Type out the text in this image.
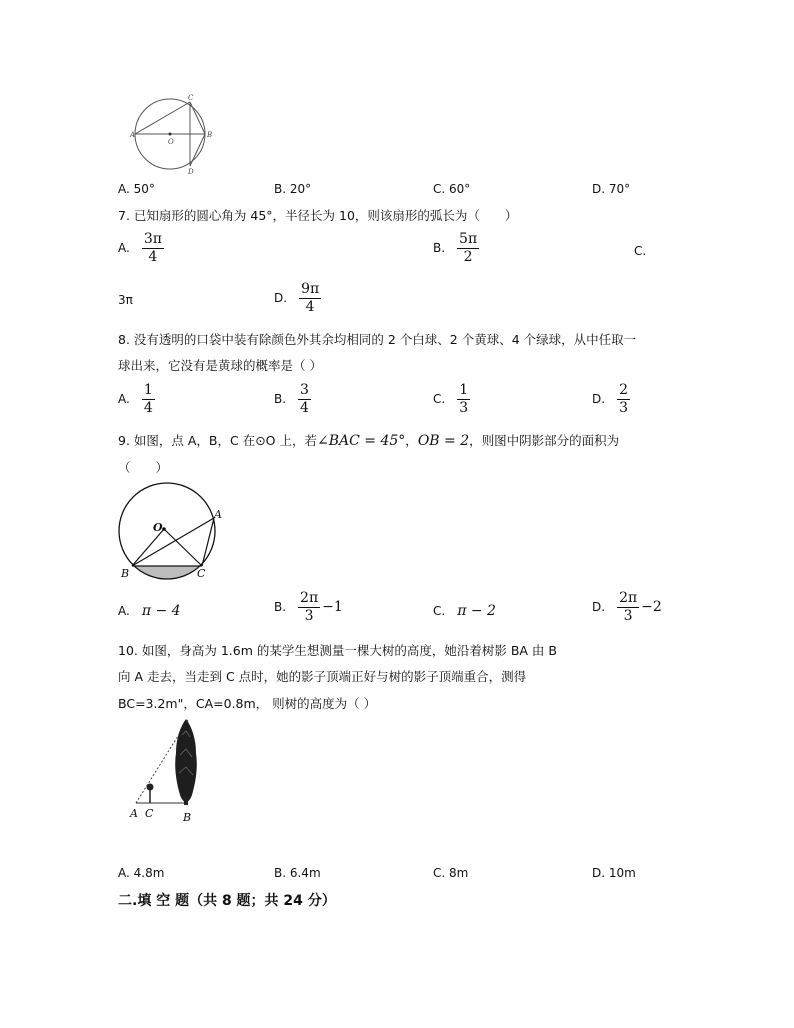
A	B
C
D
O
A. 50°	B. 20°	C. 60°	D. 70°
7. 已知扇形的圆心角为 45°，半径长为 10，则该扇形的弧长为（　　）
A. $\frac{3\pi}{4}$	B. $\frac{5\pi}{2}$	C.
3π	D. $\frac{9\pi}{4}$
8. 没有透明的口袋中装有除颜色外其余均相同的 2 个白球、2 个黄球、4 个绿球，从中任取一
球出来，它没有是黄球的概率是（ ）
A. $\frac{1}{4}$	B. $\frac{3}{4}$	C. $\frac{1}{3}$	D. $\frac{2}{3}$
9. 如图，点 A，B，C 在⊙O 上，若∠BAC = 45°，OB = 2，则图中阴影部分的面积为
（　　）
O
A
B	C
A. π − 4	B. $\frac{2\pi}{3} -1$	C. π − 2	D. $\frac{2\pi}{3} -2$
10. 如图，身高为 1.6m 的某学生想测量一棵大树的高度，她沿着树影 BA 由 B
向 A 走去，当走到 C 点时，她的影子顶端正好与树的影子顶端重合，测得
BC=3.2m"，CA=0.8m， 则树的高度为（ ）
A C	B
A. 4.8m	B. 6.4m	C. 8m	D. 10m
二.填 空 题（共 8 题；共 24 分）
